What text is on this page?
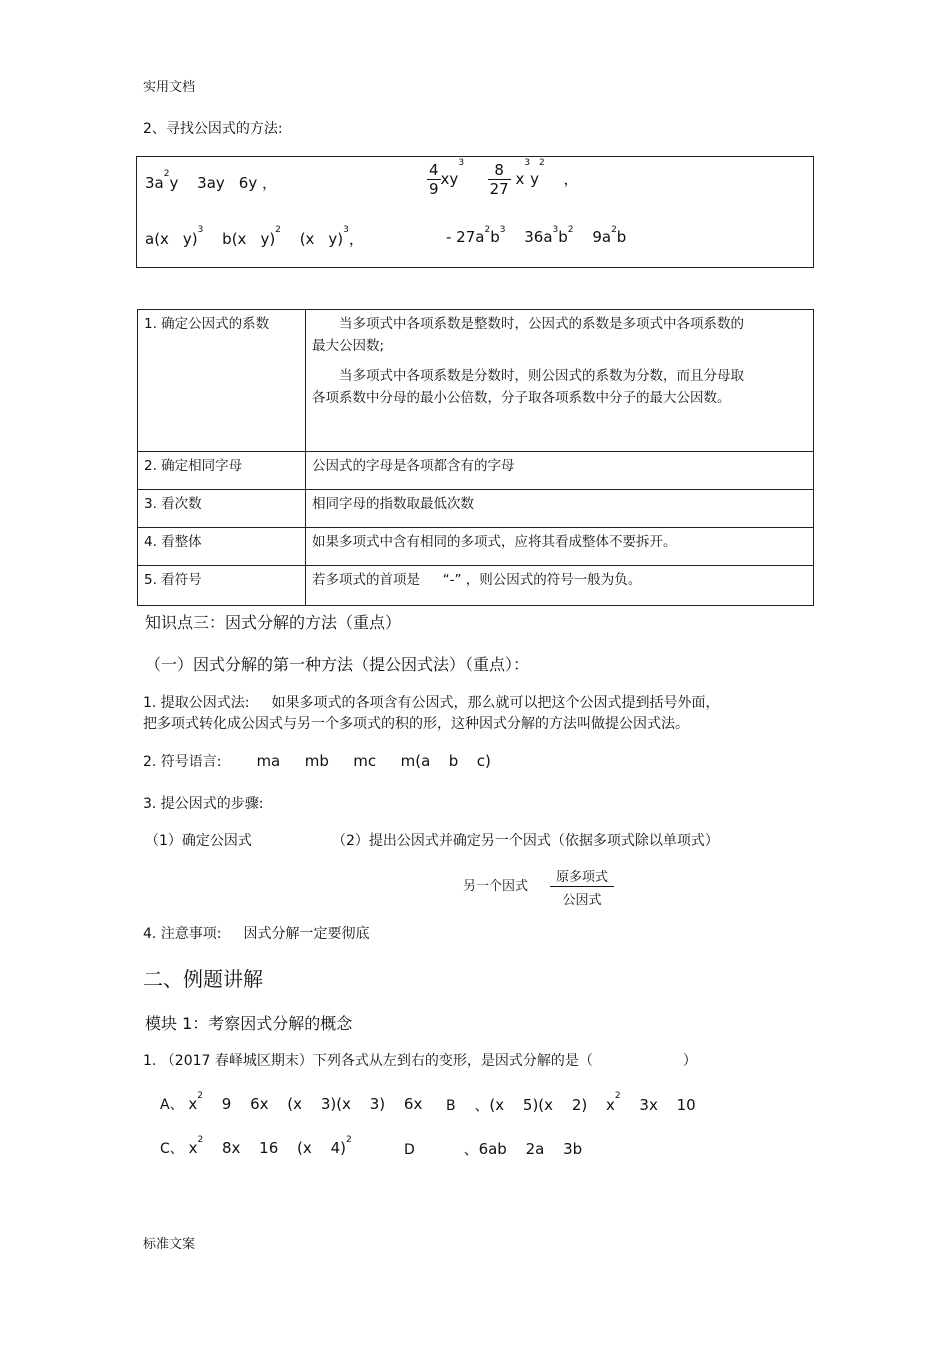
实用文档
2、寻找公因式的方法:
$3a^2y$ 3ay 6y ，	$\frac{4}{9} xy^3 \frac{8}{27} x^3y^2$ ，
a(x y)$^3$ b(x y)$^2$ (x y)$^3$，	- $27a^2b^3$ $36a^3b^2$ $9a^2b$
1. 确定公因式的系数	当多项式中各项系数是整数时，公因式的系数是多项式中各项系数的最大公因数;

当多项式中各项系数是分数时，则公因式的系数为分数，而且分母取各项系数中分母的最小公倍数，分子取各项系数中分子的最大公因数。

2. 确定相同字母	公因式的字母是各项都含有的字母
3. 看次数	相同字母的指数取最低次数
4. 看整体	如果多项式中含有相同的多项式，应将其看成整体不要拆开。
5. 看符号	若多项式的首项是 “-” ，则公因式的符号一般为负。
知识点三：因式分解的方法（重点）
（一）因式分解的第一种方法（提公因式法）（重点）：
1. 提取公因式法: 如果多项式的各项含有公因式，那么就可以把这个公因式提到括号外面，
把多项式转化成公因式与另一个多项式的积的形，这种因式分解的方法叫做提公因式法。
2. 符号语言: ma mb mc m(a b c)
3. 提公因式的步骤:
（1）确定公因式	（2）提出公因式并确定另一个因式（依据多项式除以单项式）
另一个因式 $\frac{\text{原多项式}}{\text{公因式}}$
4. 注意事项: 因式分解一定要彻底
二、例题讲解
模块 1：考察因式分解的概念
1. （2017 春峄城区期末）下列各式从左到右的变形，是因式分解的是（	）
A、 $x^2$ 9 6x (x 3)(x 3) 6x B 、(x 5)(x 2) $x^2$ 3x 10
C、 $x^2$ 8x 16 (x 4)$^2$
D	、6ab 2a 3b
标准文案
